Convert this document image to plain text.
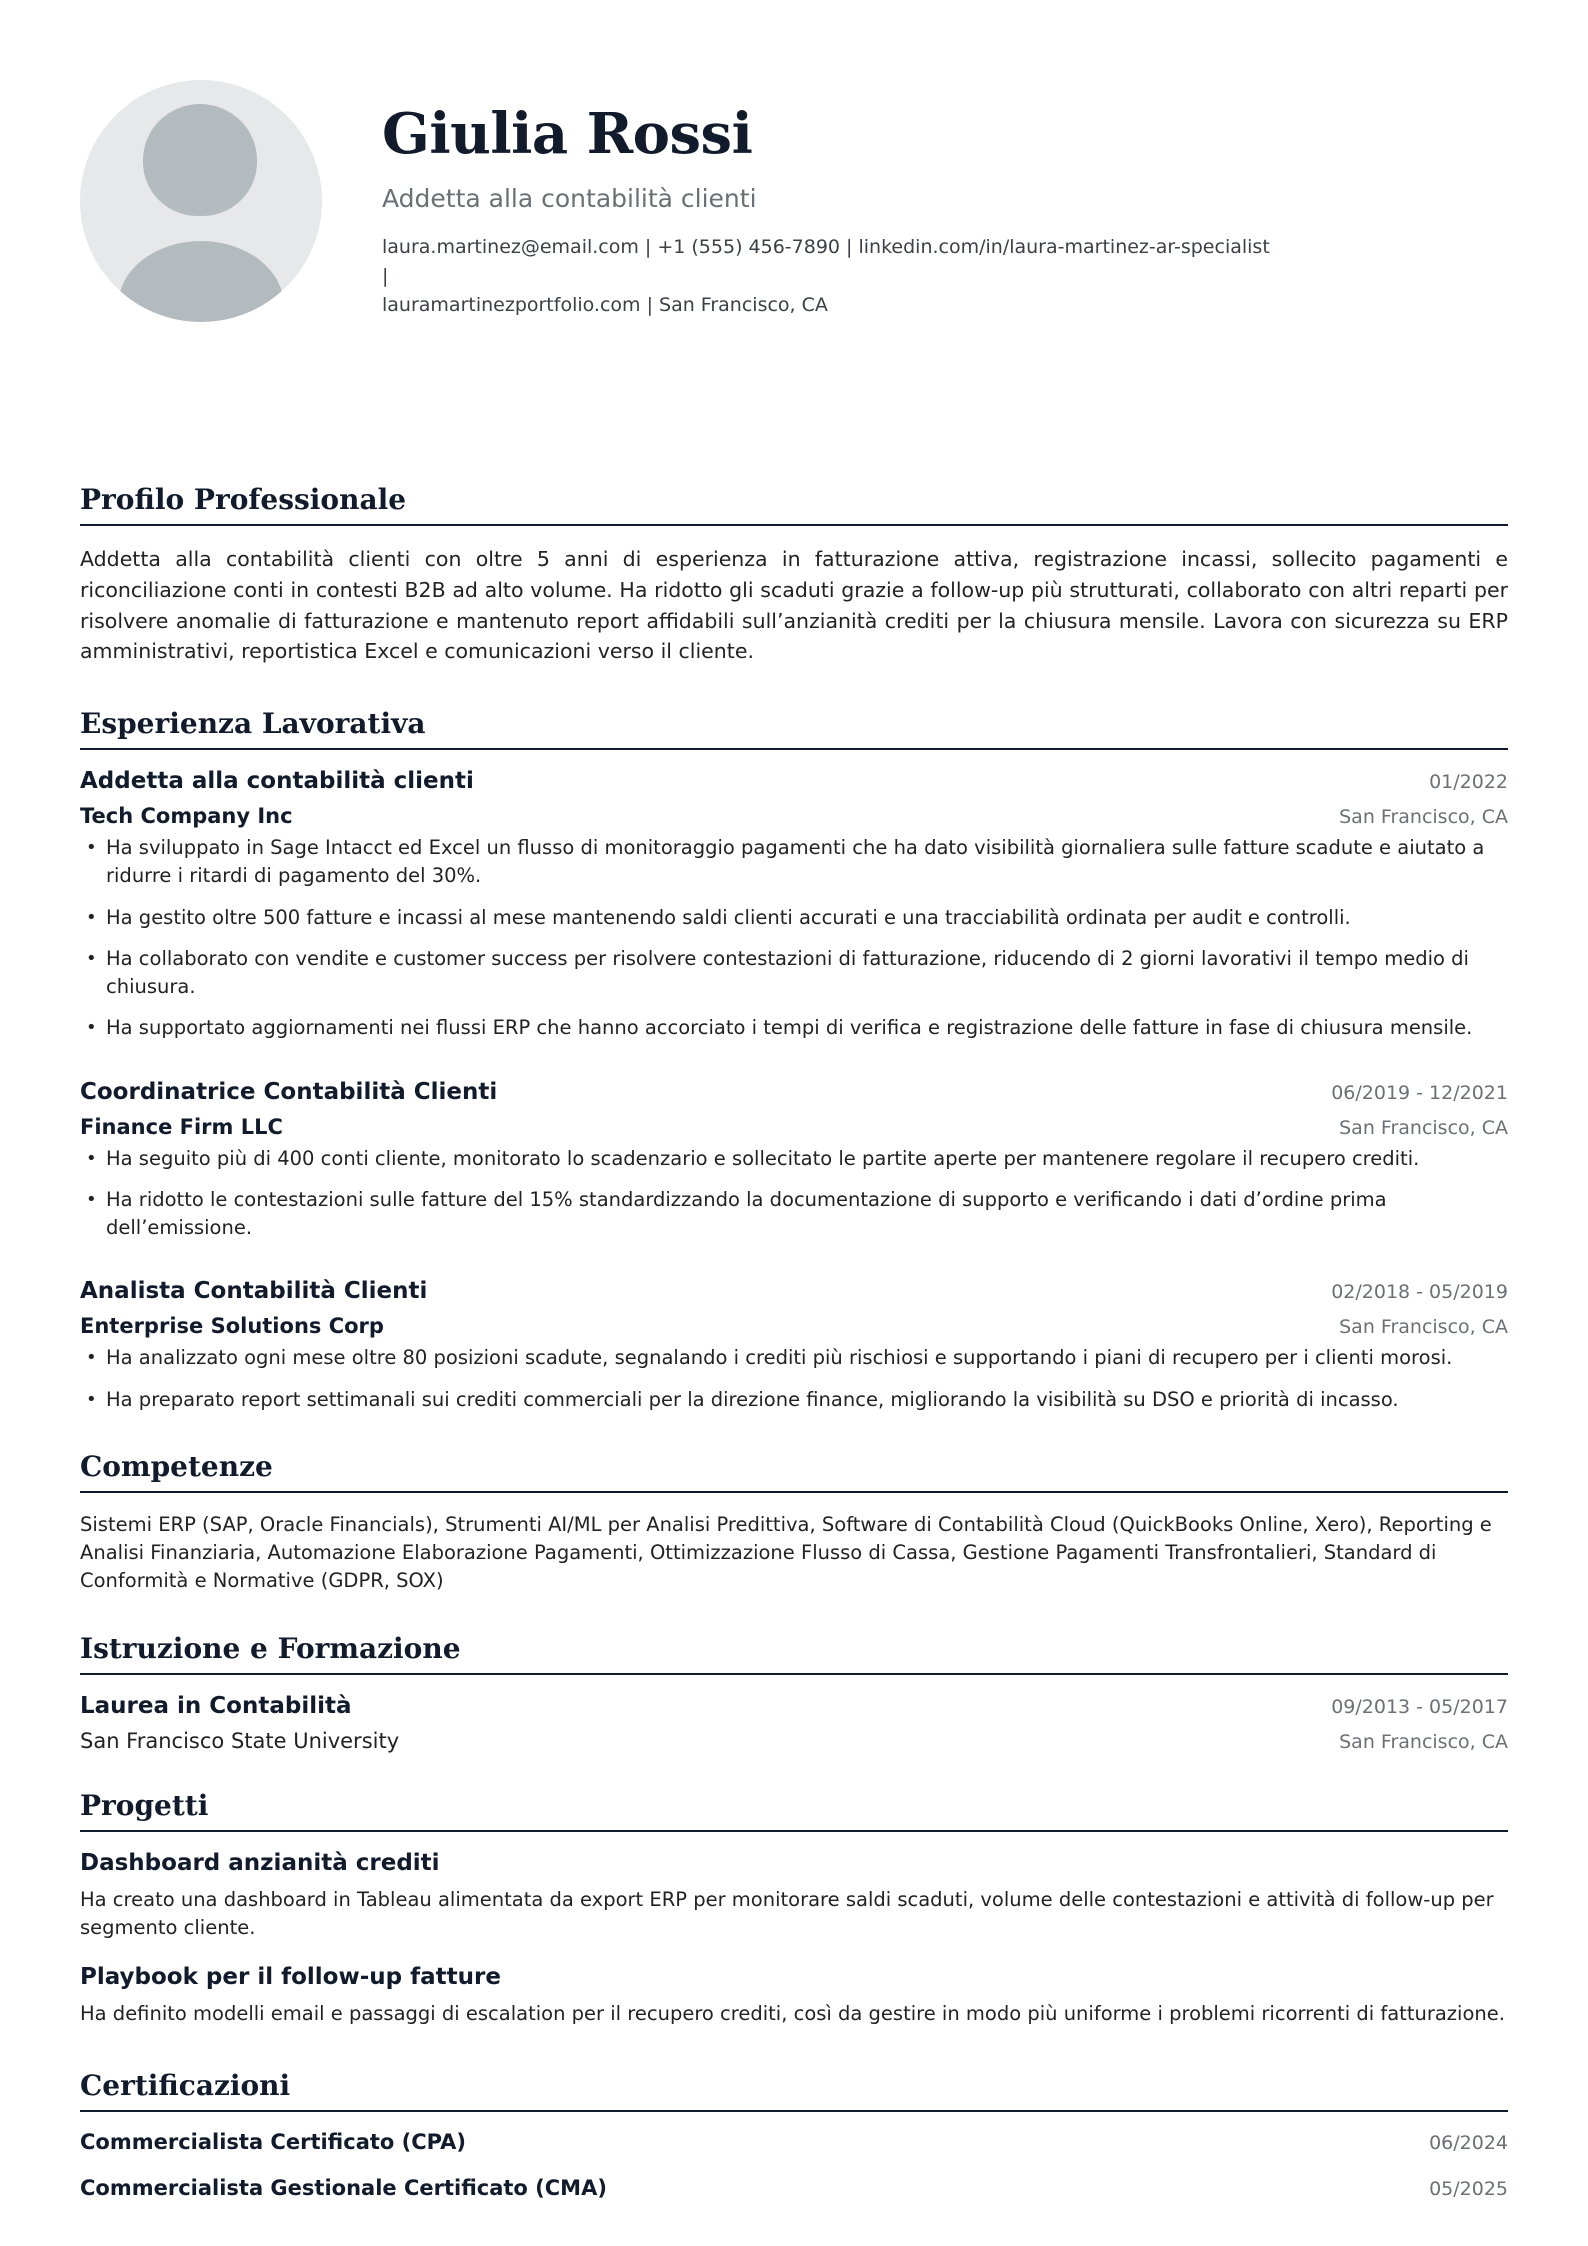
Giulia Rossi
Addetta alla contabilità clienti
laura.martinez@email.com | +1 (555) 456-7890 | linkedin.com/in/laura-martinez-ar-specialist |
lauramartinezportfolio.com | San Francisco, CA
Profilo Professionale
Addetta alla contabilità clienti con oltre 5 anni di esperienza in fatturazione attiva, registrazione incassi, sollecito pagamenti e riconciliazione conti in contesti B2B ad alto volume. Ha ridotto gli scaduti grazie a follow-up più strutturati, collaborato con altri reparti per risolvere anomalie di fatturazione e mantenuto report affidabili sull’anzianità crediti per la chiusura mensile. Lavora con sicurezza su ERP amministrativi, reportistica Excel e comunicazioni verso il cliente.
Esperienza Lavorativa
Addetta alla contabilità clienti	01/2022
Tech Company Inc	San Francisco, CA
• Ha sviluppato in Sage Intacct ed Excel un flusso di monitoraggio pagamenti che ha dato visibilità giornaliera sulle fatture scadute e aiutato a ridurre i ritardi di pagamento del 30%.
• Ha gestito oltre 500 fatture e incassi al mese mantenendo saldi clienti accurati e una tracciabilità ordinata per audit e controlli.
• Ha collaborato con vendite e customer success per risolvere contestazioni di fatturazione, riducendo di 2 giorni lavorativi il tempo medio di chiusura.
• Ha supportato aggiornamenti nei flussi ERP che hanno accorciato i tempi di verifica e registrazione delle fatture in fase di chiusura mensile.
Coordinatrice Contabilità Clienti	06/2019 - 12/2021
Finance Firm LLC	San Francisco, CA
• Ha seguito più di 400 conti cliente, monitorato lo scadenzario e sollecitato le partite aperte per mantenere regolare il recupero crediti.
• Ha ridotto le contestazioni sulle fatture del 15% standardizzando la documentazione di supporto e verificando i dati d’ordine prima dell’emissione.
Analista Contabilità Clienti	02/2018 - 05/2019
Enterprise Solutions Corp	San Francisco, CA
• Ha analizzato ogni mese oltre 80 posizioni scadute, segnalando i crediti più rischiosi e supportando i piani di recupero per i clienti morosi.
• Ha preparato report settimanali sui crediti commerciali per la direzione finance, migliorando la visibilità su DSO e priorità di incasso.
Competenze
Sistemi ERP (SAP, Oracle Financials), Strumenti AI/ML per Analisi Predittiva, Software di Contabilità Cloud (QuickBooks Online, Xero), Reporting e Analisi Finanziaria, Automazione Elaborazione Pagamenti, Ottimizzazione Flusso di Cassa, Gestione Pagamenti Transfrontalieri, Standard di Conformità e Normative (GDPR, SOX)
Istruzione e Formazione
Laurea in Contabilità	09/2013 - 05/2017
San Francisco State University	San Francisco, CA
Progetti
Dashboard anzianità crediti
Ha creato una dashboard in Tableau alimentata da export ERP per monitorare saldi scaduti, volume delle contestazioni e attività di follow-up per segmento cliente.
Playbook per il follow-up fatture
Ha definito modelli email e passaggi di escalation per il recupero crediti, così da gestire in modo più uniforme i problemi ricorrenti di fatturazione.
Certificazioni
Commercialista Certificato (CPA)	06/2024
Commercialista Gestionale Certificato (CMA)	05/2025
